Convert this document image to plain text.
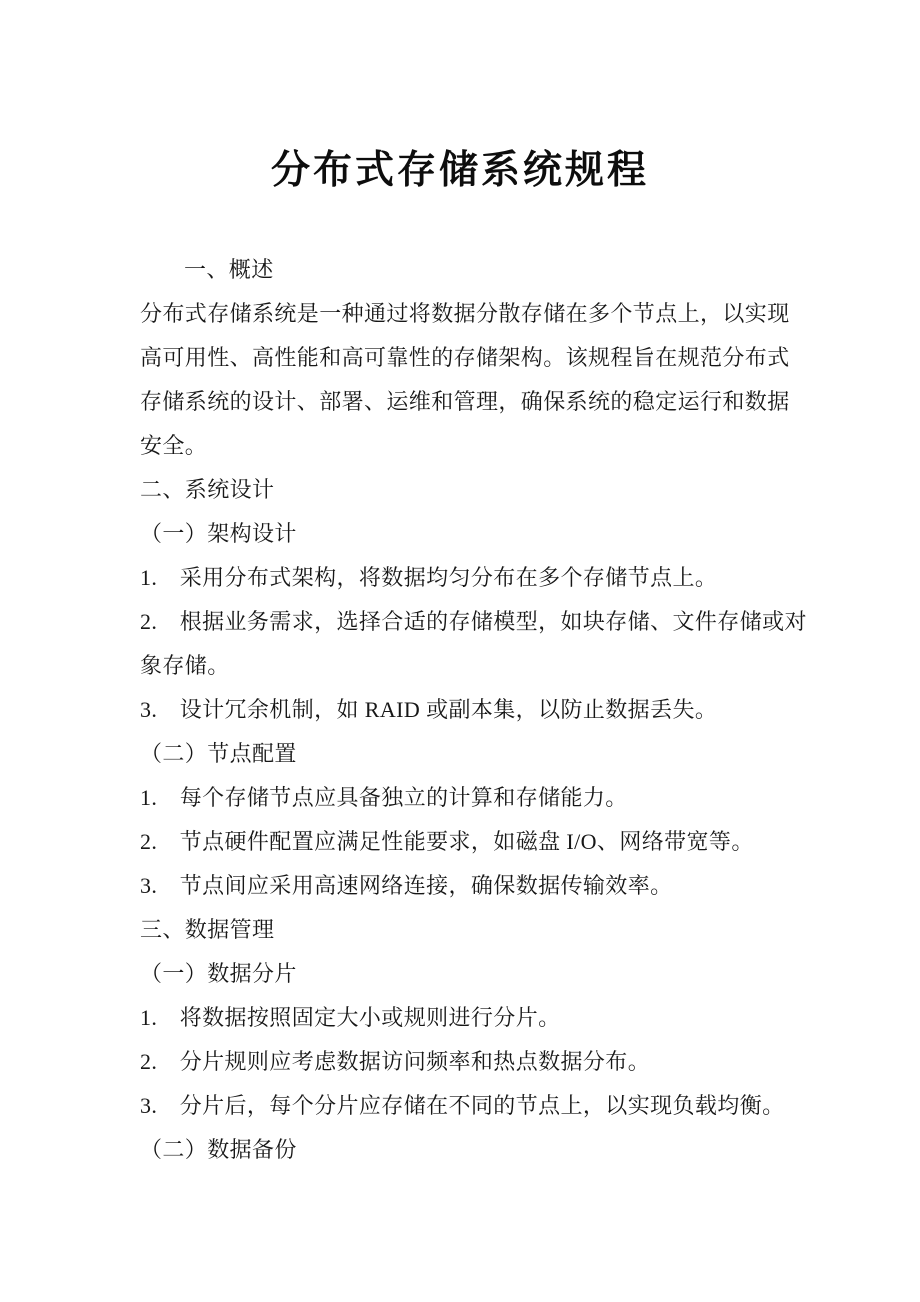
分布式存储系统规程
一、概述
分布式存储系统是一种通过将数据分散存储在多个节点上，以实现
高可用性、高性能和高可靠性的存储架构。该规程旨在规范分布式
存储系统的设计、部署、运维和管理，确保系统的稳定运行和数据
安全。
二、系统设计
（一）架构设计
1.　采用分布式架构，将数据均匀分布在多个存储节点上。
2.　根据业务需求，选择合适的存储模型，如块存储、文件存储或对
象存储。
3.　设计冗余机制，如 RAID 或副本集，以防止数据丢失。
（二）节点配置
1.　每个存储节点应具备独立的计算和存储能力。
2.　节点硬件配置应满足性能要求，如磁盘 I/O、网络带宽等。
3.　节点间应采用高速网络连接，确保数据传输效率。
三、数据管理
（一）数据分片
1.　将数据按照固定大小或规则进行分片。
2.　分片规则应考虑数据访问频率和热点数据分布。
3.　分片后，每个分片应存储在不同的节点上，以实现负载均衡。
（二）数据备份
